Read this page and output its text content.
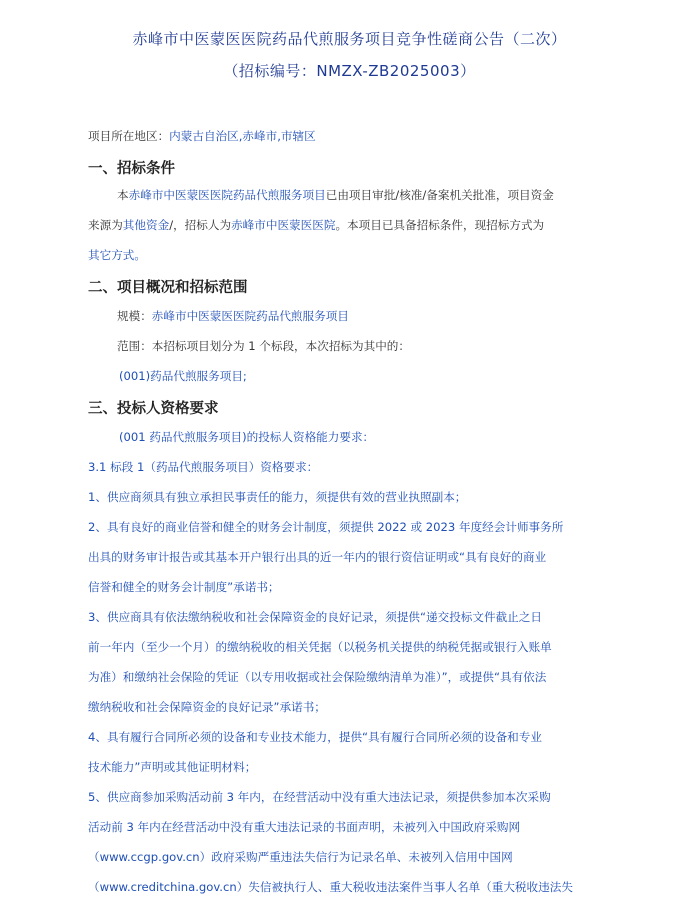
赤峰市中医蒙医医院药品代煎服务项目竞争性磋商公告（二次）
（招标编号：NMZX-ZB2025003）
项目所在地区：内蒙古自治区,赤峰市,市辖区
一、招标条件
本赤峰市中医蒙医医院药品代煎服务项目已由项目审批/核准/备案机关批准，项目资金
来源为其他资金/，招标人为赤峰市中医蒙医医院。本项目已具备招标条件，现招标方式为
其它方式。
二、项目概况和招标范围
规模：赤峰市中医蒙医医院药品代煎服务项目
范围：本招标项目划分为 1 个标段，本次招标为其中的：
(001)药品代煎服务项目;
三、投标人资格要求
(001 药品代煎服务项目)的投标人资格能力要求：
3.1 标段 1（药品代煎服务项目）资格要求：
1、供应商须具有独立承担民事责任的能力，须提供有效的营业执照副本；
2、具有良好的商业信誉和健全的财务会计制度，须提供 2022 或 2023 年度经会计师事务所
出具的财务审计报告或其基本开户银行出具的近一年内的银行资信证明或“具有良好的商业
信誉和健全的财务会计制度”承诺书；
3、供应商具有依法缴纳税收和社会保障资金的良好记录，须提供“递交投标文件截止之日
前一年内（至少一个月）的缴纳税收的相关凭据（以税务机关提供的纳税凭据或银行入账单
为准）和缴纳社会保险的凭证（以专用收据或社会保险缴纳清单为准）”，或提供“具有依法
缴纳税收和社会保障资金的良好记录”承诺书；
4、具有履行合同所必须的设备和专业技术能力，提供“具有履行合同所必须的设备和专业
技术能力”声明或其他证明材料；
5、供应商参加采购活动前 3 年内，在经营活动中没有重大违法记录，须提供参加本次采购
活动前 3 年内在经营活动中没有重大违法记录的书面声明，未被列入中国政府采购网
（www.ccgp.gov.cn）政府采购严重违法失信行为记录名单、未被列入信用中国网
（www.creditchina.gov.cn）失信被执行人、重大税收违法案件当事人名单（重大税收违法失
